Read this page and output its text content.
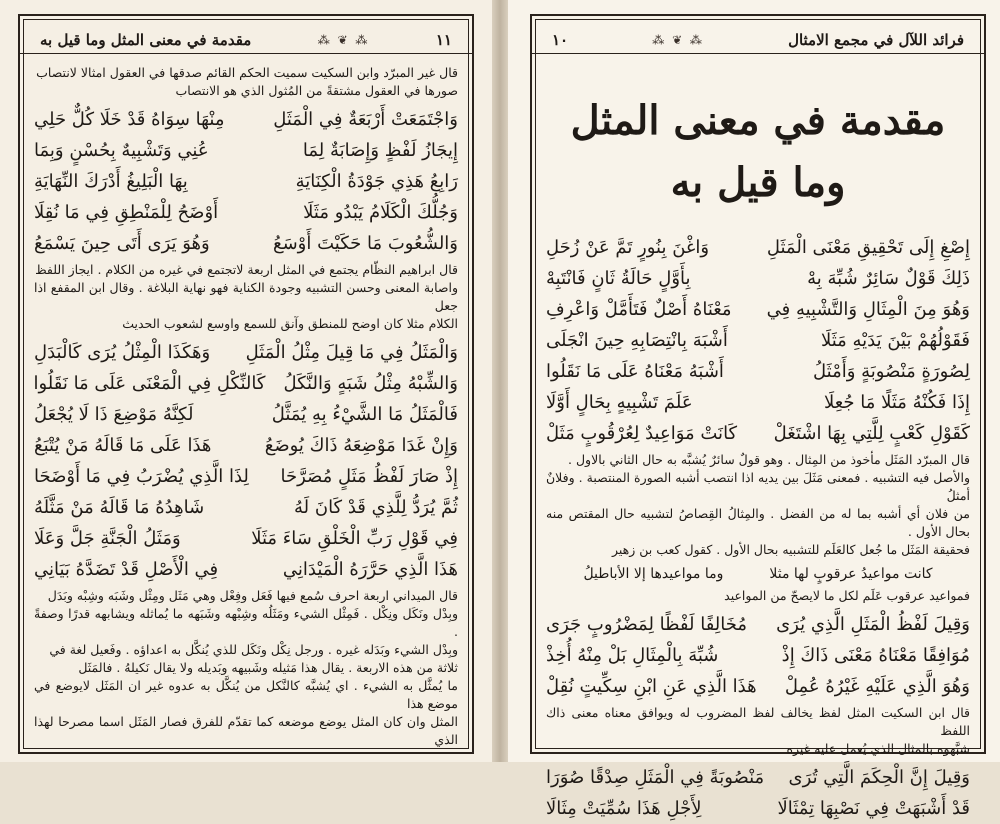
١١
⁂ ❦ ⁂
مقدمة في معنى المثل وما قيل به
قال غير المبرّد وابن السكيت سميت الحكم القائم صدقها في العقول امثالا لانتصاب
صورها في العقول مشتقةً من المُثول الذي هو الانتصاب
وَاجْتَمَعَتْ أَرْبَعَةٌ فِي الْمَثَلِ
مِنْهَا سِوَاهُ قَدْ خَلَا كُلٌّ حَلِي
إِيجَازُ لَفْظٍ وَإِصَابَةٌ لِمَا
عُنِي وَتَشْبِيهٌ بِحُسْنٍ وَبِمَا
رَابِعُ هَذِي جَوْدَةُ الْكِنَايَةِ
بِهَا الْبَلِيغُ أَدْرَكَ النِّهَايَةِ
وَجُلُّكَ الْكَلَامُ يَبْدُو مَثَلَا
أَوْضَحُ لِلْمَنْطِقِ فِي مَا نُقِلَا
وَالشُّعُوبَ مَا حَكَيْتَ أَوْسَعُ
وَهُوَ يَرَى أَتَى حِينَ يَسْمَعُ
قال ابراهيم النظّام يجتمع في المثل اربعة لاتجتمع في غيره من الكلام . ايجاز اللفظ
واصابة المعنى وحسن التشبيه وجودة الكناية فهو نهاية البلاغة . وقال ابن المقفع اذا جعل
الكلام مثلا كان اوضح للمنطق وآنق للسمع واوسع لشعوب الحديث
وَالْمَثَلُ فِي مَا قِيلَ مِثْلُ الْمَثَلِ
وَهَكَذَا الْمِثْلُ يُرَى كَالْبَدَلِ
وَالشِّبْهُ مِثْلُ شَبَهٍ وَالنَّكَلُ
كَالنِّكْلِ فِي الْمَعْنَى عَلَى مَا نَقَلُوا
فَالْمَثَلُ مَا الشَّيْءُ بِهِ يُمَثَّلُ
لَكِنَّهُ مَوْضِعَ ذَا لَا يُجْعَلُ
وَإِنْ غَدَا مَوْضِعَهُ ذَاكَ يُوضَعُ
هَذَا عَلَى مَا قَالَهُ مَنْ يُتْبَعُ
إِذْ صَارَ لَفْظُ مَثَلٍ مُصَرَّحَا
لِذَا الَّذِي يُضْرَبُ فِي مَا أَوْضَحَا
ثُمَّ يُرَدُّ لِلَّذِي قَدْ كَانَ لَهُ
شَاهِدُهُ مَا قَالَهُ مَنْ مَثَّلَهُ
فِي قَوْلِ رَبِّ الْخَلْقِ سَاءَ مَثَلَا
وَمَثَلُ الْجَنَّةِ جَلَّ وَعَلَا
هَذَا الَّذِي حَرَّرَهُ الْمَيْدَانِي
فِي الْأَصْلِ قَدْ تَضَدَّهُ بَيَانِي
قال الميداني اربعة احرف سُمع فيها فَعَل وفِعْل وهي مَثَل ومِثْل وشَبَه وشِبْه وبَدَل
وبِدْل ونَكَل ونِكْل . فَمِثْل الشيء ومَثَلُه وشِبْهه وشَبَهه ما يُماثله ويشابهه قدرًا وصفةً .
وبِدْل الشيء وبَدَله غيره . ورجل نِكْل ونَكَل للذي يُنكَّل به اعداؤه . وفَعيل لغة في
ثلاثة من هذه الاربعة . يقال هذا مَثيله وشَبيهه وبَديله ولا يقال نَكيلهُ . فالمَثَل
ما يُمثَّل به الشيء . اي يُشبَّه كالنَّكل من يُنكَّل به عدوه غير ان المَثَل لايوضع في موضع هذا
المثل وان كان المثل يوضع موضعه كما تقدّم للفرق فصار المَثَل اسما مصرحا لهذا الذي
فرائد اللآل في مجمع الامثال
⁂ ❦ ⁂
١٠
مقدمة في معنى المثل وما قيل به
إِصْغِ إِلَى تَحْقِيقِ مَعْنَى الْمَثَلِ
وَاغْنَ بِنُورٍ تَمَّ عَنْ زُحَلِ
ذَلِكَ قَوْلٌ سَائِرٌ شُبِّهَ بِهْ
بِأَوَّلٍ حَالَةُ ثَانٍ فَانْتَبِهْ
وَهُوَ مِنَ الْمِثَالِ وَالتَّشْبِيهِ فِي
مَعْنَاهُ أَصْلٌ فَتَأَمَّلْ وَاعْرِفِ
فَقَوْلُهُمْ بَيْنَ يَدَيْهِ مَثَلَا
أَشْبَهَ بِانْتِصَابِهِ حِينَ انْجَلَى
لِصُورَةٍ مَنْصُوبَةٍ وَأَمْثَلُ
أَشْبَهُ مَعْنَاهُ عَلَى مَا نَقَلُوا
إِذَا فَكُنْهُ مَثَلًا مَا جُعِلَا
عَلَمَ تَشْبِيهٍ بِحَالٍ أَوَّلَا
كَقَوْلِ كَعْبٍ لِلَّتِي بِهَا اشْتَغَلْ
كَانَتْ مَوَاعِيدٌ لِعُرْقُوبٍ مَثَلْ
قال المبرّد المَثَل مأخوذ من المِثال . وهو قولٌ سائرٌ يُشبَّه به حال الثاني بالاول .
والأصل فيه التشبيه . فمعنى مَثَلَ بين يديه اذا انتصب أشبه الصورة المنتصبة . وفلانٌ أمثلُ
من فلان أي أشبه بما له من الفضل . والمِثالُ القِصاصُ لتشبيه حال المقتص منه بحال الأول .
فحقيقة المَثَل ما جُعل كالعَلَم للتشبيه بحال الأول . كقول كعب بن زهير
كانت مواعيدُ عرقوبٍ لها مثلا
وما مواعيدها إلا الأباطيلُ
فمواعيد عرقوب عَلَم لكل ما لايصحّ من المواعيد
وَقِيلَ لَفْظُ الْمَثَلِ الَّذِي يُرَى
مُخَالِفًا لَفْظًا لِمَضْرُوبٍ جَرَى
مُوَافِقًا مَعْنَاهُ مَعْنَى ذَاكَ إِذْ
شُبِّهَ بِالْمِثَالِ بَلْ مِنْهُ أُخِذْ
وَهُوَ الَّذِي عَلَيْهِ غَيْرُهُ عُمِلْ
هَذَا الَّذِي عَنِ ابْنِ سِكِّيتٍ نُقِلْ
قال ابن السكيت المثل لفظ يخالف لفظ المضروب له ويوافق معناه معنى ذاك اللفظ
شبَّهوه بالمثال الذي يُعمل عليه غيره
وَقِيلَ إِنَّ الْحِكَمَ الَّتِي تُرَى
مَنْصُوبَةً فِي الْمَثَلِ صِدْقًا صُوَرَا
قَدْ أَشْبَهَتْ فِي نَصْبِهَا تِمْثَالَا
لِأَجْلِ هَذَا سُمِّيَتْ مِثَالَا
